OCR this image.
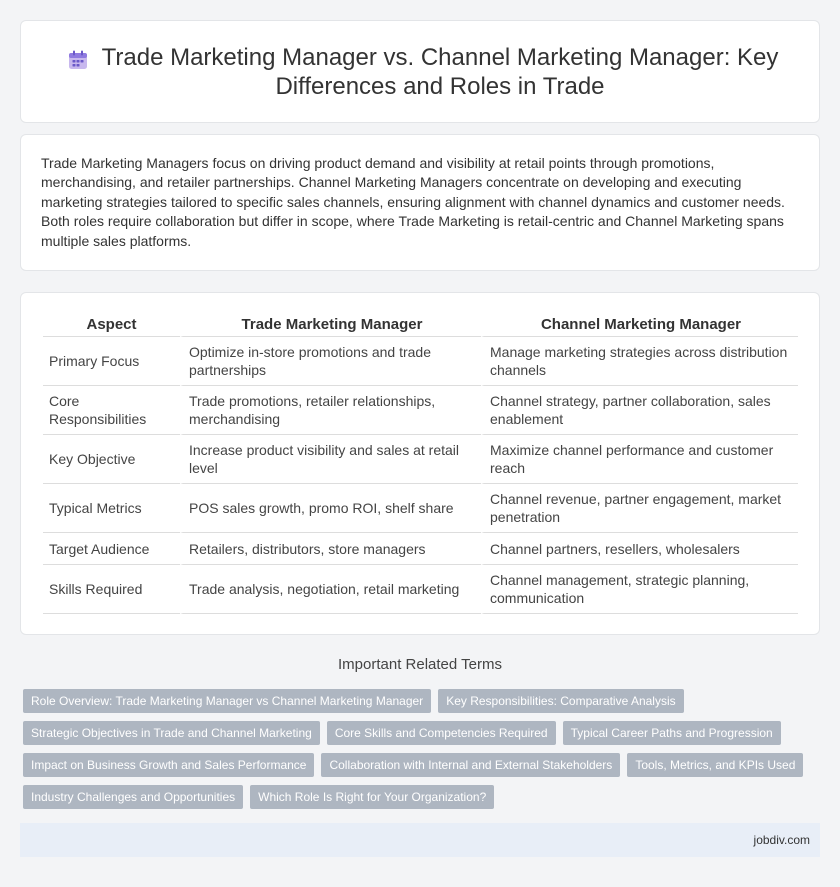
Trade Marketing Manager vs. Channel Marketing Manager: Key Differences and Roles in Trade

Trade Marketing Managers focus on driving product demand and visibility at retail points through promotions, merchandising, and retailer partnerships. Channel Marketing Managers concentrate on developing and executing marketing strategies tailored to specific sales channels, ensuring alignment with channel dynamics and customer needs. Both roles require collaboration but differ in scope, where Trade Marketing is retail-centric and Channel Marketing spans multiple sales platforms.

Aspect	Trade Marketing Manager	Channel Marketing Manager
Primary Focus	Optimize in-store promotions and trade partnerships	Manage marketing strategies across distribution channels
Core Responsibilities	Trade promotions, retailer relationships, merchandising	Channel strategy, partner collaboration, sales enablement
Key Objective	Increase product visibility and sales at retail level	Maximize channel performance and customer reach
Typical Metrics	POS sales growth, promo ROI, shelf share	Channel revenue, partner engagement, market penetration
Target Audience	Retailers, distributors, store managers	Channel partners, resellers, wholesalers
Skills Required	Trade analysis, negotiation, retail marketing	Channel management, strategic planning, communication
Important Related Terms
Role Overview: Trade Marketing Manager vs Channel Marketing Manager	Key Responsibilities: Comparative Analysis
Strategic Objectives in Trade and Channel Marketing	Core Skills and Competencies Required	Typical Career Paths and Progression
Impact on Business Growth and Sales Performance	Collaboration with Internal and External Stakeholders	Tools, Metrics, and KPIs Used
Industry Challenges and Opportunities	Which Role Is Right for Your Organization?
jobdiv.com
